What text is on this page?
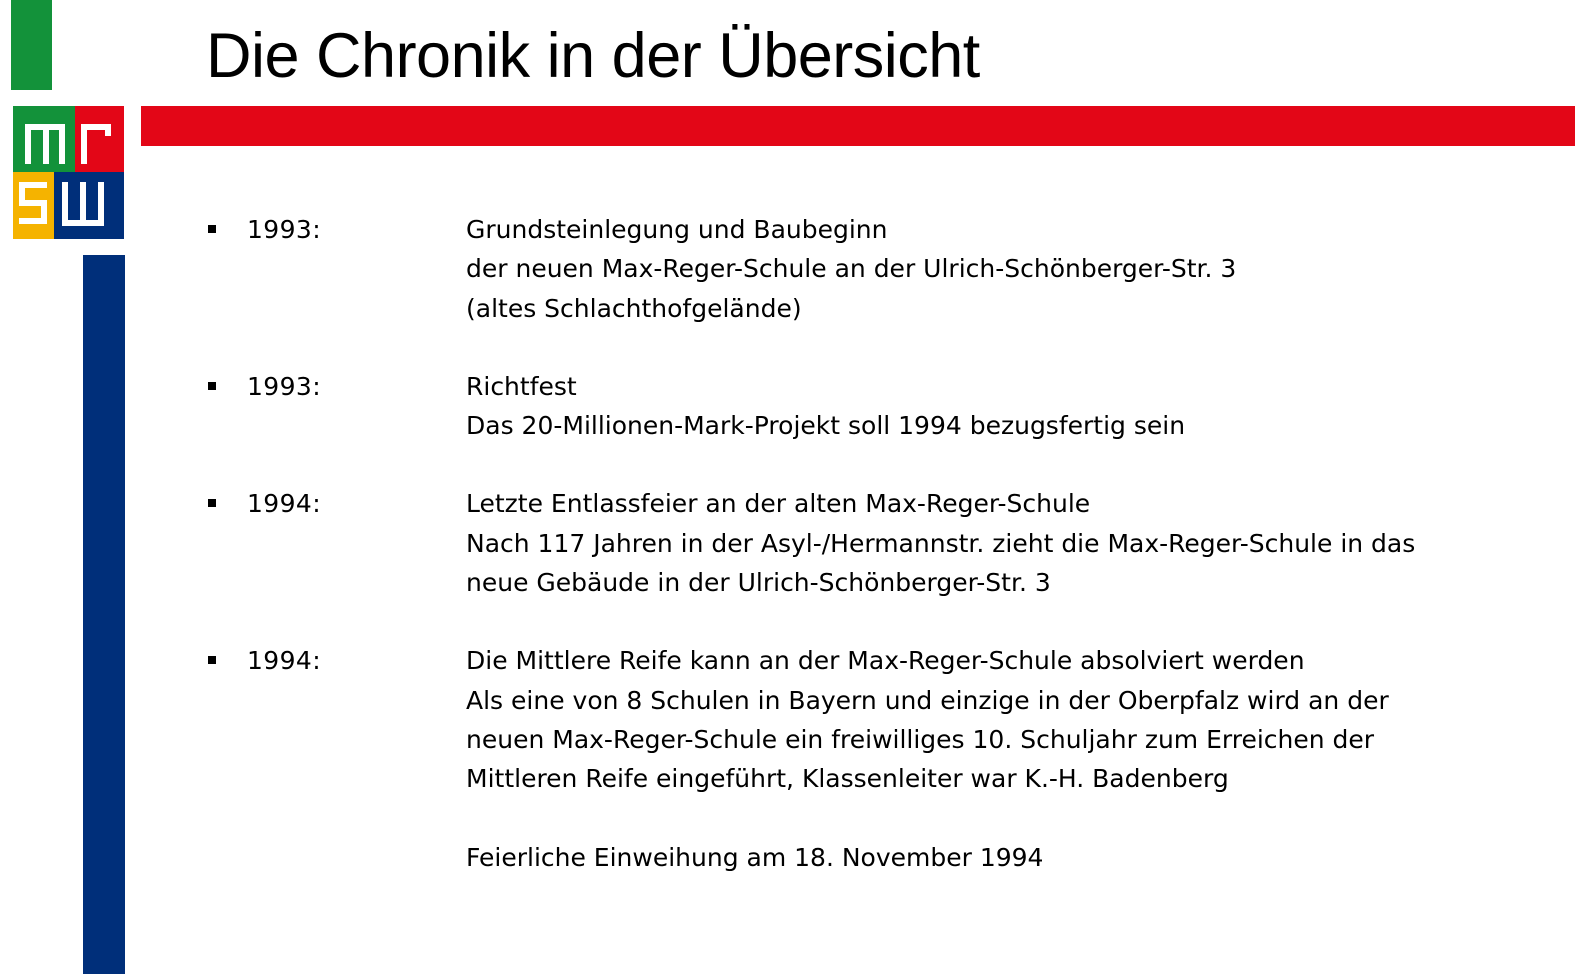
Die Chronik in der Übersicht
1993:	Grundsteinlegung und Baubeginn
der neuen Max-Reger-Schule an der Ulrich-Schönberger-Str. 3
(altes Schlachthofgelände)
1993:	Richtfest
Das 20-Millionen-Mark-Projekt soll 1994 bezugsfertig sein
1994:	Letzte Entlassfeier an der alten Max-Reger-Schule
Nach 117 Jahren in der Asyl-/Hermannstr. zieht die Max-Reger-Schule in das
neue Gebäude in der Ulrich-Schönberger-Str. 3
1994:	Die Mittlere Reife kann an der Max-Reger-Schule absolviert werden
Als eine von 8 Schulen in Bayern und einzige in der Oberpfalz wird an der
neuen Max-Reger-Schule ein freiwilliges 10. Schuljahr zum Erreichen der
Mittleren Reife eingeführt, Klassenleiter war K.-H. Badenberg
Feierliche Einweihung am 18. November 1994
